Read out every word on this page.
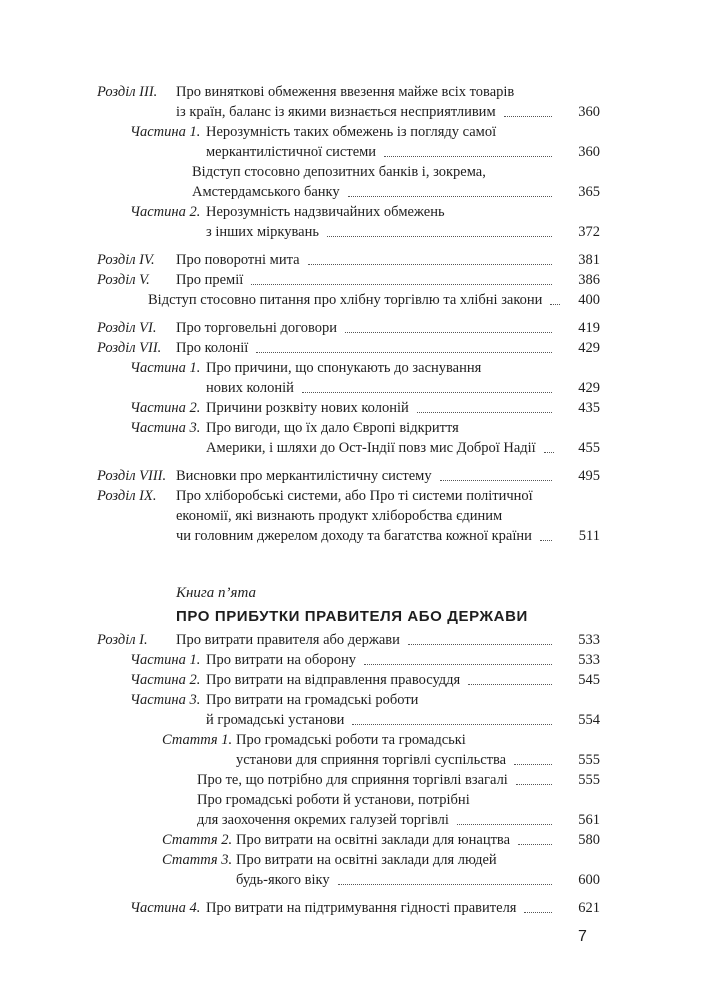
Розділ ІІІ. Про виняткові обмеження ввезення майже всіх товарів
із країн, баланс із якими визнається несприятливим	360
Частина 1. Нерозумність таких обмежень із погляду самої
меркантилістичної системи	360
Відступ стосовно депозитних банків і, зокрема,
Амстердамського банку	365
Частина 2. Нерозумність надзвичайних обмежень
з інших міркувань	372
Розділ IV. Про поворотні мита	381
Розділ V. Про премії	386
Відступ стосовно питання про хлібну торгівлю та хлібні закони	400
Розділ VI. Про торговельні договори	419
Розділ VII. Про колонії	429
Частина 1. Про причини, що спонукають до заснування
нових колоній	429
Частина 2. Причини розквіту нових колоній	435
Частина 3. Про вигоди, що їх дало Європі відкриття
Америки, і шляхи до Ост-Індії повз мис Доброї Надії	455
Розділ VIII. Висновки про меркантилістичну систему	495
Розділ IX. Про хліборобські системи, або Про ті системи політичної
економії, які визнають продукт хліборобства єдиним
чи головним джерелом доходу та багатства кожної країни	511
Книга п’ята
ПРО ПРИБУТКИ ПРАВИТЕЛЯ АБО ДЕРЖАВИ
Розділ І. Про витрати правителя або держави	533
Частина 1. Про витрати на оборону	533
Частина 2. Про витрати на відправлення правосуддя	545
Частина 3. Про витрати на громадські роботи
й громадські установи	554
Стаття 1. Про громадські роботи та громадські
установи для сприяння торгівлі суспільства	555
Про те, що потрібно для сприяння торгівлі взагалі	555
Про громадські роботи й установи, потрібні
для заохочення окремих галузей торгівлі	561
Стаття 2. Про витрати на освітні заклади для юнацтва	580
Стаття 3. Про витрати на освітні заклади для людей
будь-якого віку	600
Частина 4. Про витрати на підтримування гідності правителя	621
7
